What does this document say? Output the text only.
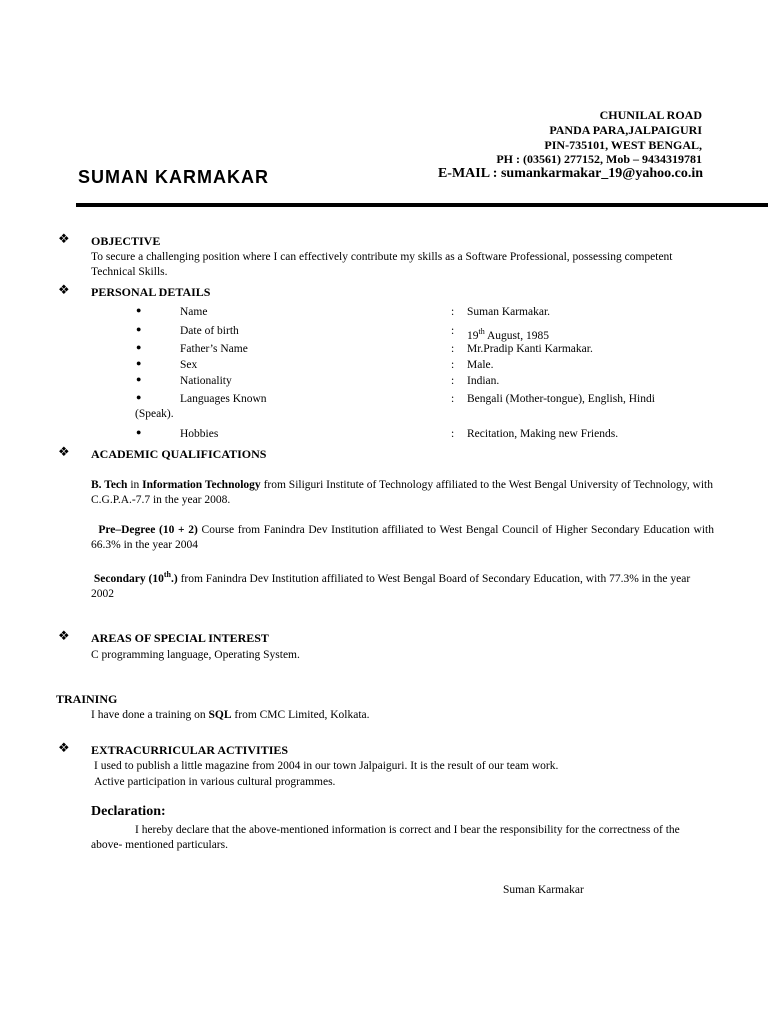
CHUNILAL ROAD
PANDA PARA,JALPAIGURI
PIN-735101, WEST BENGAL,
PH : (03561) 277152, Mob – 9434319781
E-MAIL : sumankarmakar_19@yahoo.co.in
SUMAN KARMAKAR
❖ OBJECTIVE
To secure a challenging position where I can effectively contribute my skills as a Software Professional, possessing competent Technical Skills.
❖ PERSONAL DETAILS
●	Name	: Suman Karmakar.
●	Date of birth	: 19th August, 1985
●	Father’s Name	: Mr.Pradip Kanti Karmakar.
●	Sex	: Male.
●	Nationality	: Indian.
●	Languages Known	: Bengali (Mother-tongue), English, Hindi
(Speak).
●	Hobbies	: Recitation, Making new Friends.
❖ ACADEMIC QUALIFICATIONS
B. Tech in Information Technology from Siliguri Institute of Technology affiliated to the West Bengal University of Technology, with C.G.P.A.-7.7 in the year 2008.
Pre–Degree (10 + 2) Course from Fanindra Dev Institution affiliated to West Bengal Council of Higher Secondary Education with 66.3% in the year 2004
Secondary (10th.) from Fanindra Dev Institution affiliated to West Bengal Board of Secondary Education, with 77.3% in the year 2002
❖ AREAS OF SPECIAL INTEREST
C programming language, Operating System.
TRAINING
I have done a training on SQL from CMC Limited, Kolkata.
❖ EXTRACURRICULAR ACTIVITIES
I used to publish a little magazine from 2004 in our town Jalpaiguri. It is the result of our team work.
Active participation in various cultural programmes.
Declaration:
I hereby declare that the above-mentioned information is correct and I bear the responsibility for the correctness of the above- mentioned particulars.
Suman Karmakar
